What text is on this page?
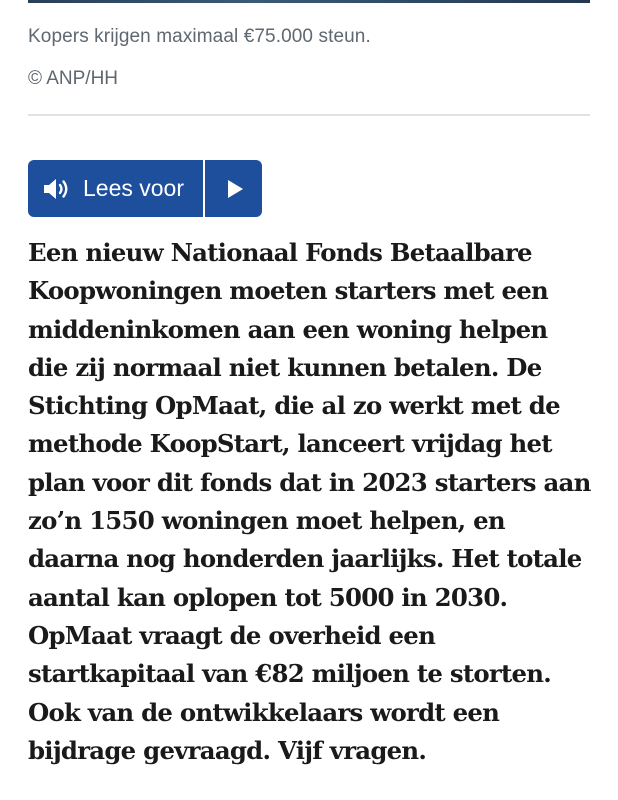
Kopers krijgen maximaal €75.000 steun.
© ANP/HH
Lees voor

Een nieuw Nationaal Fonds Betaalbare Koopwoningen moeten starters met een middeninkomen aan een woning helpen die zij normaal niet kunnen betalen. De Stichting OpMaat, die al zo werkt met de methode KoopStart, lanceert vrijdag het plan voor dit fonds dat in 2023 starters aan zo’n 1550 woningen moet helpen, en daarna nog honderden jaarlijks. Het totale aantal kan oplopen tot 5000 in 2030. OpMaat vraagt de overheid een startkapitaal van €82 miljoen te storten. Ook van de ontwikkelaars wordt een bijdrage gevraagd. Vijf vragen.
